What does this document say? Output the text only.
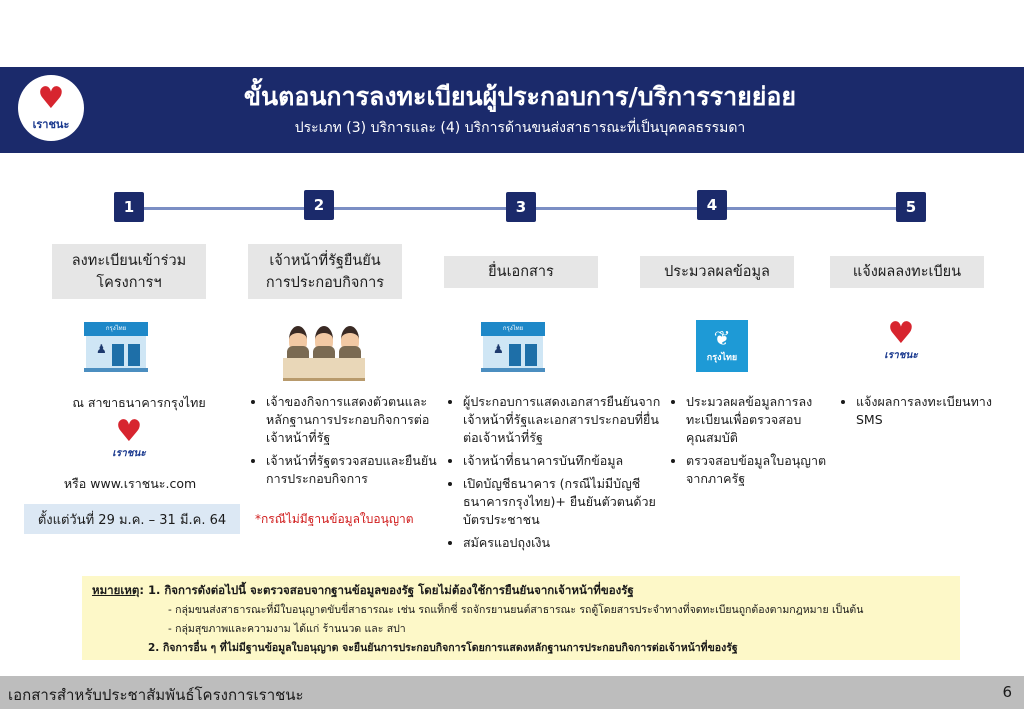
♥
เราชนะ
ขั้นตอนการลงทะเบียนผู้ประกอบการ/บริการรายย่อย
ประเภท (3) บริการและ (4) บริการด้านขนส่งสาธารณะที่เป็นบุคคลธรรมดา
1	2	3	4	5
ลงทะเบียนเข้าร่วม
โครงการฯ
เจ้าหน้าที่รัฐยืนยัน
การประกอบกิจการ
ยื่นเอกสาร	ประมวลผลข้อมูล	แจ้งผลลงทะเบียน
กรุงไทย
♟
ณ สาขาธนาคารกรุงไทย
♥
เราชนะ
หรือ www.เราชนะ.com
ตั้งแต่วันที่ 29 ม.ค. – 31 มี.ค. 64
• เจ้าของกิจการแสดงตัวตนและหลักฐานการประกอบกิจการต่อเจ้าหน้าที่รัฐ
• เจ้าหน้าที่รัฐตรวจสอบและยืนยันการประกอบกิจการ
*กรณีไม่มีฐานข้อมูลใบอนุญาต
กรุงไทย
♟
• ผู้ประกอบการแสดงเอกสารยืนยันจากเจ้าหน้าที่รัฐและเอกสารประกอบที่ยื่นต่อเจ้าหน้าที่รัฐ
• เจ้าหน้าที่ธนาคารบันทึกข้อมูล
• เปิดบัญชีธนาคาร (กรณีไม่มีบัญชีธนาคารกรุงไทย)+ ยืนยันตัวตนด้วยบัตรประชาชน
• สมัครแอปถุงเงิน
❦
กรุงไทย
• ประมวลผลข้อมูลการลงทะเบียนเพื่อตรวจสอบคุณสมบัติ
• ตรวจสอบข้อมูลใบอนุญาตจากภาครัฐ
♥
เราชนะ
• แจ้งผลการลงทะเบียนทาง SMS
หมายเหตุ: 1. กิจการดังต่อไปนี้ จะตรวจสอบจากฐานข้อมูลของรัฐ โดยไม่ต้องใช้การยืนยันจากเจ้าหน้าที่ของรัฐ
- กลุ่มขนส่งสาธารณะที่มีใบอนุญาตขับขี่สาธารณะ เช่น รถแท็กซี่ รถจักรยานยนต์สาธารณะ รถตู้โดยสารประจำทางที่จดทะเบียนถูกต้องตามกฎหมาย เป็นต้น
- กลุ่มสุขภาพและความงาม ได้แก่ ร้านนวด และ สปา
2. กิจการอื่น ๆ ที่ไม่มีฐานข้อมูลใบอนุญาต จะยืนยันการประกอบกิจการโดยการแสดงหลักฐานการประกอบกิจการต่อเจ้าหน้าที่ของรัฐ
เอกสารสำหรับประชาสัมพันธ์โครงการเราชนะ	6
